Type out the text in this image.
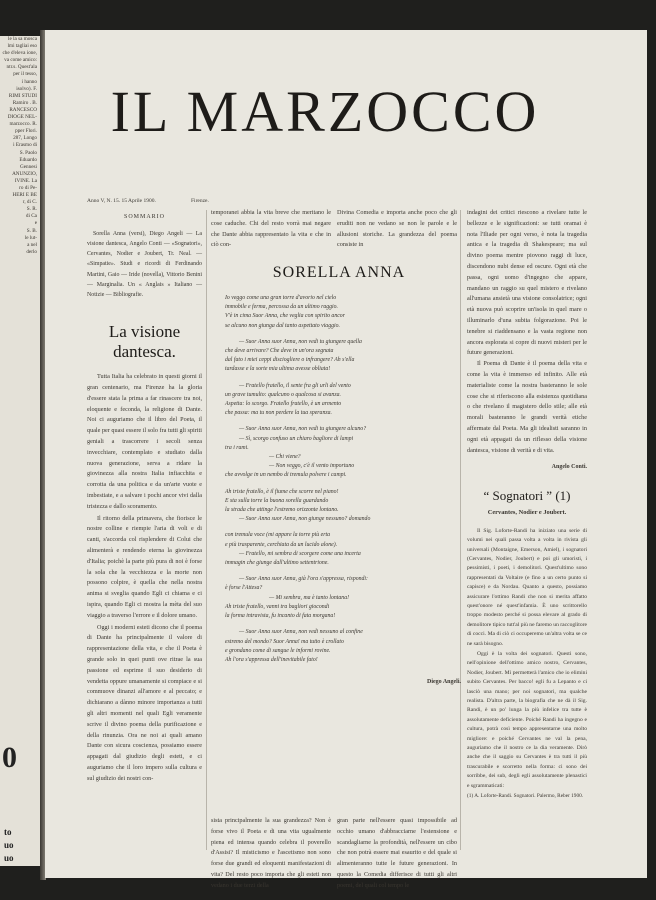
le la sa mosca
lmi tagliai eso
che d'eleva ione,
va come amico:
ntr.s. Quest'ala
per il tesso,
i hanno
isolvo). F.
RIMI STUDI
Ramiro . B.
RANCESCO
DIOGE NEL-
marzocco. R.
pper Flori.
287, Longo
i Erasmo di
S. Paolo
Eduardo
Gennesi
ANUNZIO,
IVINE. La
ro di Pe-
HERI E BE
r, di C.
S. R.
di Ca
e
S. B.
le lut-
a nel
derlo
0
to
uo
uo
IL MARZOCCO
Anno V, N. 15. 15 Aprile 1900.	Firenze.
SOMMARIO
Sorella Anna (versi), Diego Angeli — La visione dantesca, Angelo Conti — «Sognatori», Cervantes, Nodier e Joubert, Tr. Neal. — «Simpatie». Studi e ricordi di Ferdinando Martini, Gaio — Iride (novella), Vittorio Benini — Marginalia. Un « Anglais » Italiano — Notizie — Bibliografie.
La visione
dantesca.

Tutta Italia ha celebrato in questi giorni il gran centenario, ma Firenze ha la gloria d'essere stata la prima a far rinascere tra noi, eloquente e feconda, la religione di Dante. Noi ci auguriamo che il libro del Poeta, il quale per quasi essere il solo fra tutti gli spiriti geniali a trascorrere i secoli senza invecchiare, contemplato e studiato dalla nuova generazione, serva a ridare la giovinezza alla nostra Italia infiacchita e corrotta da una politica e da un'arte vuote e imbestiate, e a salvare i pochi ancor vivi dalla tristezza e dallo scoramento.

Il ritorno della primavera, che fiorisce le nostre colline e riempie l'aria di voli e di canti, s'accorda col risplendere di Colui che alimenterà e rendendo eterna la giovinezza d'Italia; poichè la parte più pura di noi è forse la sola che la vecchiezza e la morte non possono colpire, è quella che nella nostra anima si sveglia quando Egli ci chiama e ci ispira, quando Egli ci mostra la mèta del suo viaggio a traverso l'errore e il dolore umano.

Oggi i moderni esteti dicono che il poema di Dante ha principalmente il valore di rappresentazione della vita, e che il Poeta è grande solo in quei punti ove ritrae la sua passione ed esprime il suo desiderio di vendetta oppure umanamente si compiace e si commuove dinanzi all'amore e al peccato; e dichiarano a dànno minore importanza a tutti gli altri momenti nel quali Egli veramente scrive il divino poema della purificazione e della rinunzia. Ora ne noi ai quali amano Dante con sicura coscienza, possiamo essere appagati dal giudizio degli esteti, e ci auguriamo che il loro impero sulla cultura e sul giudizio dei nostri con-

temporanei abbia la vita breve che meritano le cose caduche. Chi del resto vorrà mai negare che Dante abbia rappresentato la vita e che in ciò con-
Divina Comedia e importa anche poco che gli eruditi non ne vedano se non le parole e le allusioni storiche. La grandezza del poema consiste in
SORELLA ANNA
Io veggo come una gran torre d'avorio nel cielo
immobile e ferma, percossa da un ultimo raggio.
V'è in cima Suor Anna, che veglia con spirito ancor
se alcuno non giunga dal tanto aspettato viaggio.
— Suor Anna suor Anna, non vedi tu giungere quella
che deve arrivare? Che deve in un'ora segnata
dal fato i miei ceppi disciogliere o infrangere? Ah s'ella
tardasse e la sorte mia ultima avesse obliata!
— Fratello fratello, il sente fra gli urli del vento
un grave tumulto: qualcuno o qualcosa si avanza.
Aspetta: lo scorgo. Fratello fratello, è un armento
che passa: ma tu non perdere la tua speranza.
— Suor Anna suor Anna, non vedi tu giungere alcuno?
— Sì, scorgo confuso un chiaro bagliore di lampi
tra i rami.
— Chi viene?
— Non veggo, c'è il vento importuno
che avvolge in un nembo di tremula polvere i campi.
Ah triste fratello, è il fiume che scorre nel piano!
E sta sulla torre la buona sorella guardando
la strada che attinge l'estremo orizzonte lontano.
— Suor Anna suor Anna, non giunge nessuno? domando
con tremula voce (mi appare la torre più erta
e più trasparente, cerchiata da un lucido alone).
— Fratello, mi sembra di scorgere come una incerta
immagin che giunge dall'ultimo settentrione.
— Suor Anna suor Anna, già l'ora s'appressa, rispondi:
è forse l'Attesa?
— Mi sembra, ma è tanto lontana!
Ah triste fratello, vanni tra bagliori giocondi
la forma intravista, fu incanto di fata morgana!
— Suor Anna suor Anna, non vedi nessuno al confine
estremo del mondo? Suor Anna! ma tutto è crollato
e grondano come di sangue le informi rovine.
Ah l'ora s'appressa dell'inevitabile fato!
Diego Angeli.
sista principalmente la sua grandezza? Non è forse vivo il Poeta e di una vita ugualmente piena ed intensa quando celebra il poverello d'Assisi? Il misticismo e l'ascetismo non sono forse due grandi ed eloquenti manifestazioni di vita? Del resto poco importa che gli esteti non vedano i due terzi della
gran parte nell'essere quasi impossibile ad occhio umano d'abbracciarne l'estensione e scandagliarne la profondità, nell'essere un cibo che non potrà essere mai esaurito e del quale si alimenteranno tutte le future generazioni. In questo la Comedia differisce di tutti gli altri poemi, del quali col tempo le
indagini dei critici riescono a rivelare tutte le bellezze e le significazioni: se tutti oramai è nota l'Iliade per ogni verso, è nota la tragedia antica e la tragedia di Shakespeare; ma sul divino poema mentre piovono raggi di luce, discendono nubi dense ed oscure. Ogni età che passa, ogni uomo d'ingegno che appare, mandano un raggio su quel mistero e rivelano all'umana ansietà una visione consolatrice; ogni età nuova può scoprire un'isola in quel mare o illuminarlo d'una subita folgorazione. Poi le tenebre si riaddensano e la vasta regione non ancora esplorata si copre di nuovi misteri per le future generazioni.

Il Poema di Dante è il poema della vita e come la vita è immenso ed infinito. Alle età materialiste come la nostra basteranno le sole cose che si riferiscono alla esistenza quotidiana o che rivelano il magistero dello stile; alle età morali basteranno le grandi verità etiche affermate dal Poeta. Ma gli idealisti saranno in ogni età appagati da un riflesso della visione dantesca, visione di verità e di vita.

Angelo Conti.
“ Sognatori ” (1)
Cervantes, Nodier e Joubert.

Il Sig. Loforte-Randi ha iniziato una serie di volumi nei quali passa volta a volta in rivista gli universali (Montaigne, Emerson, Amiel), i sognatori (Cervantes, Nodier, Joubert) e poi gli umoristi, i pessimisti, i poeti, i demolitori. Quest'ultimo sono rappresentati da Voltaire (e fino a un certo punto si capisce) e da Nordau. Quanto a questo, possiamo assicurare l'ottimo Randi che non si merita affatto quest'onore né quest'infamia. È uno scrittorello troppo modesto perché si possa elevare al grado di demolitore tipico tutt'al più ne faremo un raccoglitore di cocci. Ma di ciò ci occuperemo un'altra volta se ce ne sarà bisogno.

Oggi è la volta dei sognatori. Questi sono, nell'opinione dell'ottimo amico nostro, Cervantes, Nodier, Joubert. Mi permetterà l'amico che io elimini subito Cervantes. Per bacco! egli fu a Lepanto e ci lasciò una mano; per noi sognatori, ma qualche realista. D'altra parte, la biografia che ne dà il Sig. Randi, è un po' lunga la più infelice tra tutte è assolutamente deficiente. Poiché Randi ha ingegno e cultura, potrà così tempo appresentarne una molto migliore: e poiché Cervantes ne val la pena, auguriamo che il nostro ce la dia veramente. Dirò anche che il saggio su Cervantes è tra tutti il più trascurabile e scorretto nella forma: ci sono dei sorribbe, dei sub, degli egli assolutamente plenastici e sgrammaticati:

(1) A. Loforte-Randi. Sognatori. Palermo, Reber 1900.
